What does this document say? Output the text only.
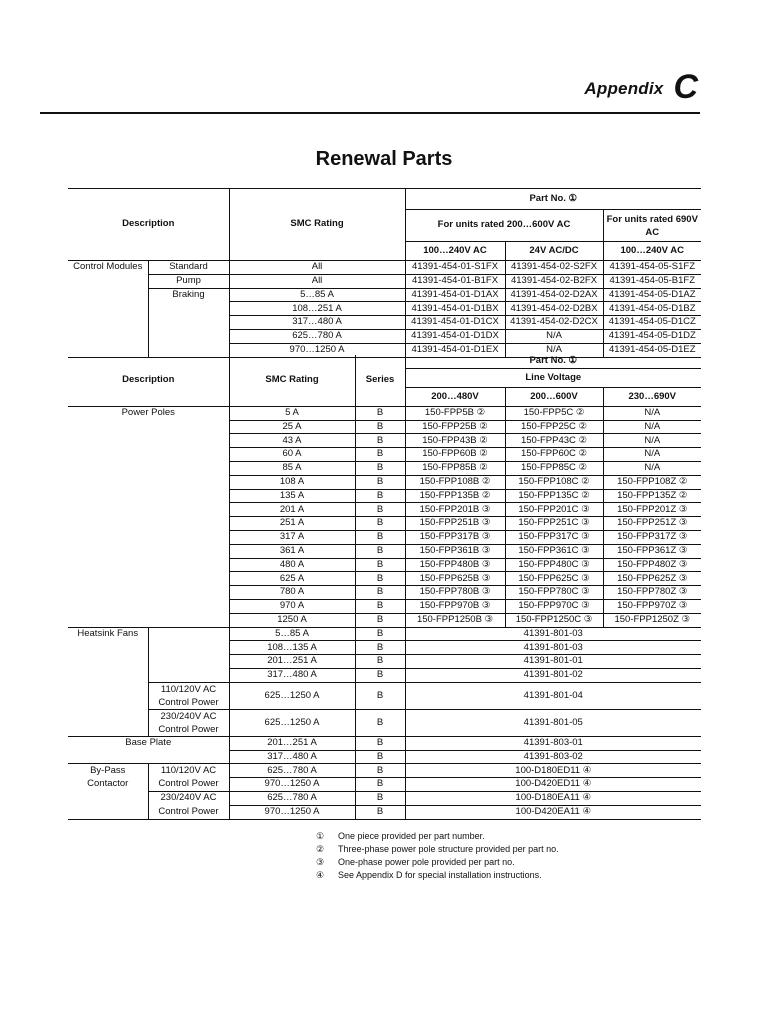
Appendix C
Renewal Parts
Description		SMC Rating	Part No. ①		
			For units rated 200…600V AC		For units rated 690V AC
			100…240V AC	24V AC/DC	100…240V AC
Control Modules	Standard	All	41391-454-01-S1FX	41391-454-02-S2FX	41391-454-05-S1FZ
	Pump	All	41391-454-01-B1FX	41391-454-02-B2FX	41391-454-05-B1FZ
	Braking	5…85 A	41391-454-01-D1AX	41391-454-02-D2AX	41391-454-05-D1AZ
		108…251 A	41391-454-01-D1BX	41391-454-02-D2BX	41391-454-05-D1BZ
		317…480 A	41391-454-01-D1CX	41391-454-02-D2CX	41391-454-05-D1CZ
		625…780 A	41391-454-01-D1DX	N/A	41391-454-05-D1DZ
		970…1250 A	41391-454-01-D1EX	N/A	41391-454-05-D1EZ
Description		SMC Rating	Series	Part No. ①		
				Line Voltage		
				200…480V	200…600V	230…690V
Power Poles		5 A	B	150-FPP5B ②	150-FPP5C ②	N/A
		25 A	B	150-FPP25B ②	150-FPP25C ②	N/A
		43 A	B	150-FPP43B ②	150-FPP43C ②	N/A
		60 A	B	150-FPP60B ②	150-FPP60C ②	N/A
		85 A	B	150-FPP85B ②	150-FPP85C ②	N/A
		108 A	B	150-FPP108B ②	150-FPP108C ②	150-FPP108Z ②
		135 A	B	150-FPP135B ②	150-FPP135C ②	150-FPP135Z ②
		201 A	B	150-FPP201B ③	150-FPP201C ③	150-FPP201Z ③
		251 A	B	150-FPP251B ③	150-FPP251C ③	150-FPP251Z ③
		317 A	B	150-FPP317B ③	150-FPP317C ③	150-FPP317Z ③
		361 A	B	150-FPP361B ③	150-FPP361C ③	150-FPP361Z ③
		480 A	B	150-FPP480B ③	150-FPP480C ③	150-FPP480Z ③
		625 A	B	150-FPP625B ③	150-FPP625C ③	150-FPP625Z ③
		780 A	B	150-FPP780B ③	150-FPP780C ③	150-FPP780Z ③
		970 A	B	150-FPP970B ③	150-FPP970C ③	150-FPP970Z ③
		1250 A	B	150-FPP1250B ③	150-FPP1250C ③	150-FPP1250Z ③
Heatsink Fans		5…85 A	B	41391-801-03		
		108…135 A	B	41391-801-03		
		201…251 A	B	41391-801-01		
		317…480 A	B	41391-801-02		
	110/120V AC Control Power	625…1250 A	B	41391-801-04		
	230/240V AC Control Power	625…1250 A	B	41391-801-05		
Base Plate		201…251 A	B	41391-803-01		
		317…480 A	B	41391-803-02		
By-Pass	110/120V AC	625…780 A	B	100-D180ED11 ④		
Contactor	Control Power	970…1250 A	B	100-D420ED11 ④		
	230/240V AC	625…780 A	B	100-D180EA11 ④		
	Control Power	970…1250 A	B	100-D420EA11 ④		
①	One piece provided per part number.
②	Three-phase power pole structure provided per part no.
③	One-phase power pole provided per part no.
④	See Appendix D for special installation instructions.
